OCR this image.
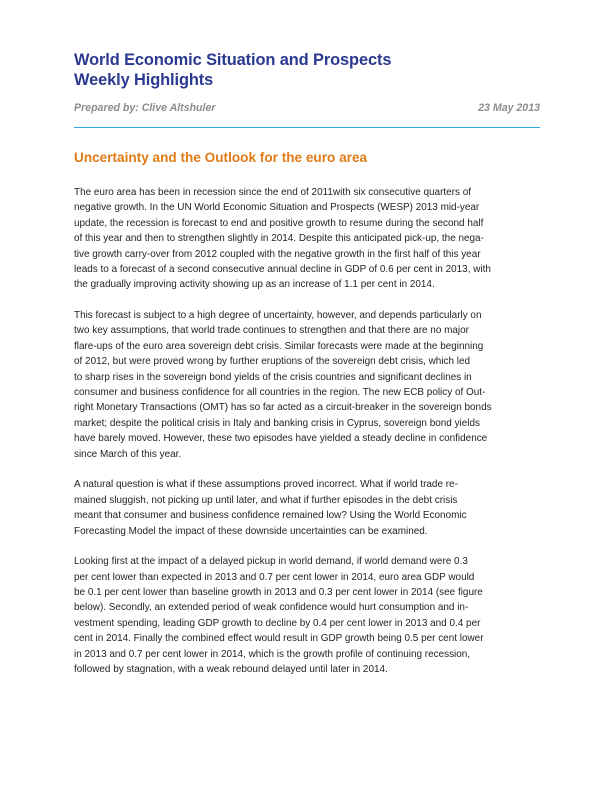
World Economic Situation and Prospects
Weekly Highlights
Prepared by: Clive Altshuler	23 May 2013
Uncertainty and the Outlook for the euro area
The euro area has been in recession since the end of 2011with six consecutive quarters of
negative growth. In the UN World Economic Situation and Prospects (WESP) 2013 mid-year
update, the recession is forecast to end and positive growth to resume during the second half
of this year and then to strengthen slightly in 2014. Despite this anticipated pick-up, the nega-
tive growth carry-over from 2012 coupled with the negative growth in the first half of this year
leads to a forecast of a second consecutive annual decline in GDP of 0.6 per cent in 2013, with
the gradually improving activity showing up as an increase of 1.1 per cent in 2014.
This forecast is subject to a high degree of uncertainty, however, and depends particularly on
two key assumptions, that world trade continues to strengthen and that there are no major
flare-ups of the euro area sovereign debt crisis. Similar forecasts were made at the beginning
of 2012, but were proved wrong by further eruptions of the sovereign debt crisis, which led
to sharp rises in the sovereign bond yields of the crisis countries and significant declines in
consumer and business confidence for all countries in the region. The new ECB policy of Out-
right Monetary Transactions (OMT) has so far acted as a circuit-breaker in the sovereign bonds
market; despite the political crisis in Italy and banking crisis in Cyprus, sovereign bond yields
have barely moved. However, these two episodes have yielded a steady decline in confidence
since March of this year.
A natural question is what if these assumptions proved incorrect. What if world trade re-
mained sluggish, not picking up until later, and what if further episodes in the debt crisis
meant that consumer and business confidence remained low? Using the World Economic
Forecasting Model the impact of these downside uncertainties can be examined.
Looking first at the impact of a delayed pickup in world demand, if world demand were 0.3
per cent lower than expected in 2013 and 0.7 per cent lower in 2014, euro area GDP would
be 0.1 per cent lower than baseline growth in 2013 and 0.3 per cent lower in 2014 (see figure
below). Secondly, an extended period of weak confidence would hurt consumption and in-
vestment spending, leading GDP growth to decline by 0.4 per cent lower in 2013 and 0.4 per
cent in 2014. Finally the combined effect would result in GDP growth being 0.5 per cent lower
in 2013 and 0.7 per cent lower in 2014, which is the growth profile of continuing recession,
followed by stagnation, with a weak rebound delayed until later in 2014.
